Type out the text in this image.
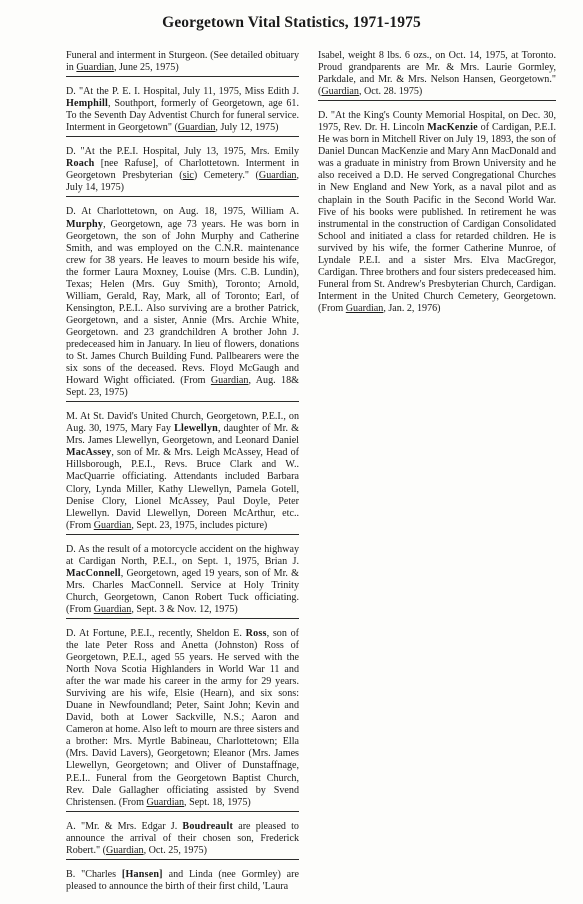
Georgetown Vital Statistics, 1971-1975
Funeral and interment in Sturgeon. (See detailed obituary in Guardian, June 25, 1975)
D. "At the P. E. I. Hospital, July 11, 1975, Miss Edith J. Hemphill, Southport, formerly of Georgetown, age 61. To the Seventh Day Adventist Church for funeral service. Interment in Georgetown" (Guardian, July 12, 1975)
D. "At the P.E.I. Hospital, July 13, 1975, Mrs. Emily Roach [nee Rafuse], of Charlottetown. Interment in Georgetown Presbyterian (sic) Cemetery." (Guardian, July 14, 1975)
D. At Charlottetown, on Aug. 18, 1975, William A. Murphy, Georgetown, age 73 years. He was born in Georgetown, the son of John Murphy and Catherine Smith, and was employed on the C.N.R. maintenance crew for 38 years. He leaves to mourn beside his wife, the former Laura Moxney, Louise (Mrs. C.B. Lundin), Texas; Helen (Mrs. Guy Smith), Toronto; Arnold, William, Gerald, Ray, Mark, all of Toronto; Earl, of Kensington, P.E.I.. Also surviving are a brother Patrick, Georgetown, and a sister, Annie (Mrs. Archie White, Georgetown. and 23 grandchildren A brother John J. predeceased him in January. In lieu of flowers, donations to St. James Church Building Fund. Pallbearers were the six sons of the deceased. Revs. Floyd McGaugh and Howard Wight officiated. (From Guardian, Aug. 18& Sept. 23, 1975)
M. At St. David's United Church, Georgetown, P.E.I., on Aug. 30, 1975, Mary Fay Llewellyn, daughter of Mr. & Mrs. James Llewellyn, Georgetown, and Leonard Daniel MacAssey, son of Mr. & Mrs. Leigh McAssey, Head of Hillsborough, P.E.I., Revs. Bruce Clark and W.. MacQuarrie officiating. Attendants included Barbara Clory, Lynda Miller, Kathy Llewellyn, Pamela Gotell, Denise Clory, Lionel McAssey, Paul Doyle, Peter Llewellyn. David Llewellyn, Doreen McArthur, etc..(From Guardian, Sept. 23, 1975, includes picture)
D. As the result of a motorcycle accident on the highway at Cardigan North, P.E.I., on Sept. 1, 1975, Brian J. MacConnell, Georgetown, aged 19 years, son of Mr. & Mrs. Charles MacConnell. Service at Holy Trinity Church, Georgetown, Canon Robert Tuck officiating. (From Guardian, Sept. 3 & Nov. 12, 1975)
D. At Fortune, P.E.I., recently, Sheldon E. Ross, son of the late Peter Ross and Anetta (Johnston) Ross of Georgetown, P.E.I., aged 55 years. He served with the North Nova Scotia Highlanders in World War 11 and after the war made his career in the army for 29 years. Surviving are his wife, Elsie (Hearn), and six sons: Duane in Newfoundland; Peter, Saint John; Kevin and David, both at Lower Sackville, N.S.; Aaron and Cameron at home. Also left to mourn are three sisters and a brother: Mrs. Myrtle Babineau, Charlottetown; Ella (Mrs. David Lavers), Georgetown; Eleanor (Mrs. James Llewellyn, Georgetown; and Oliver of Dunstaffnage, P.E.I.. Funeral from the Georgetown Baptist Church, Rev. Dale Gallagher officiating assisted by Svend Christensen. (From Guardian, Sept. 18, 1975)
A. "Mr. & Mrs. Edgar J. Boudreault are pleased to announce the arrival of their chosen son, Frederick Robert." (Guardian, Oct. 25, 1975)
B. "Charles [Hansen] and Linda (nee Gormley) are pleased to announce the birth of their first child, 'Laura
Isabel, weight 8 lbs. 6 ozs., on Oct. 14, 1975, at Toronto. Proud grandparents are Mr. & Mrs. Laurie Gormley, Parkdale, and Mr. & Mrs. Nelson Hansen, Georgetown." (Guardian, Oct. 28. 1975)
D. "At the King's County Memorial Hospital, on Dec. 30, 1975, Rev. Dr. H. Lincoln MacKenzie of Cardigan, P.E.I. He was born in Mitchell River on July 19, 1893, the son of Daniel Duncan MacKenzie and Mary Ann MacDonald and was a graduate in ministry from Brown University and he also received a D.D. He served Congregational Churches in New England and New York, as a naval pilot and as chaplain in the South Pacific in the Second World War. Five of his books were published. In retirement he was instrumental in the construction of Cardigan Consolidated School and initiated a class for retarded children. He is survived by his wife, the former Catherine Munroe, of Lyndale P.E.I. and a sister Mrs. Elva MacGregor, Cardigan. Three brothers and four sisters predeceased him. Funeral from St. Andrew's Presbyterian Church, Cardigan. Interment in the United Church Cemetery, Georgetown. (From Guardian, Jan. 2, 1976)
